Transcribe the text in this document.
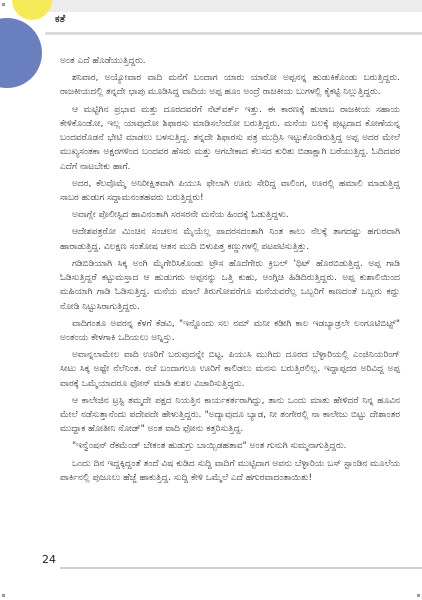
ಕತೆ

ಅಂತ ಎದೆ ಹೊಡೆಯುತ್ತಿದ್ದರು.

ಶನಿವಾರ, ಅಯ್ಯೋವಾರ ವಾದಿ ಮನೆಗೆ ಬಂದಾಗ ಯಾರು ಯಾರೋ ಅಪ್ಪನನ್ನ ಹುಡುಕಿಕೊಂಡು ಬರುತ್ತಿದ್ದರು. ರಾಜಕೀಯದಲ್ಲಿ ತನ್ನದೇ ಛಾಪು ಮೂಡಿಸಿದ್ದ ವಾದಿಯ ಅಪ್ಪ ಹೂಂ ಅಂದ್ರೆ ರಾಜಕೀಯ ಬುಗಳಲ್ಲಿ ಕೈಕಟ್ಟಿ ನಿಲ್ಲುತ್ತಿದ್ದರು.

ಆ ಮಟ್ಟಿಗಿನ ಪ್ರಭಾವ ಮತ್ತು ದೂರದವರೆಗೆ ನೆಟ್‌ವರ್ಕ್ ಇತ್ತು. ಈ ಕಾರಣಕ್ಕೆ ಹುಟಾಬ ರಾಜಕೀಯ ಸಹಾಯ ಕೇಳಿಕೊಂಡೋ, ಇಲ್ಲ ಯಾವುದೋ ಶಿಫಾರಸು ಮಾಡಿಸಲೆಂದೋ ಬರುತ್ತಿದ್ದರು. ಮನೆಯ ಬಲಕ್ಕೆ ಪುಟ್ಟದಾದ ಕೋಣೆಯನ್ನ ಬಂದವರೊಡನೆ ಭೇಟಿ ಮಾಡಲು ಬಳಸುತ್ತಿದ್ದ. ತನ್ನದೇ ಶಿಫಾರಸು ಪತ್ರ ಮುದ್ರಿಸಿ ಇಟ್ಟುಕೊಂಡಿರುತ್ತಿದ್ದ ಅಪ್ಪ ಅದರ ಮೇಲೆ ಮುಖ್ಯಸಂತಕಾ ಅಕ್ಷರಗಳಿಂದ ಬಂದವರ ಹೆಸರು ಮತ್ತು ಆಗಬೇಕಾದ ಕೆಲಸದ ಕುರಿತು ಬಿಡಾಕ್ಷಾಗಿ ಬರೆಯುತ್ತಿದ್ದ. ಓದಿದವರ ಎದೆಗೆ ನಾಟಬೇಕು ಹಾಗೆ.

ಅದರ, ಕೆಲವೊಮ್ಮೆ ಅನಿರೀಕ್ಷಿತವಾಗಿ ಪಿಯುಸಿ ಫೇಲಾಗಿ ಊರು ಸೇರಿದ್ದ ವಾಲಿಂಗ, ಊರಲ್ಲಿ ಹಮಾಲಿ ಮಾಡುತ್ತಿದ್ದ ಸಾಬರ ಹುಡುಗ ಸದ್ದಾಮನಂತಹವರು ಬರುತ್ತಿದ್ದರು!

ಅವಾಗ್ಲೇ ಪೊಲೀಸ್ಟಿದ ಹಾವಿನಂತಾಗಿ ಸರಸರನೇ ಮನೆಯ ಹಿಂದಕ್ಕೆ ಓಡುತ್ತಿದ್ದಳು.

ಆದೇಶಪತ್ರರೋ ಮಿಂಚಿನ ಸಂಚಲನ ಮೈಯೆಲ್ಲ ಪಾದರಸದಂತಾಗಿ ನಿಂತ ಕಾಲು ನೆಲಕ್ಕೆ ತಾಗದಷ್ಟು ಹಗುರವಾಗಿ ಹಾರಾಡುತ್ತಿದ್ದ. ವಿಲಕ್ಷಣ ಸಂತೋಷ ಆತನ ಮುದಿ ಬಿಳುಪಿತ್ತ ಕಣ್ಣುಗಳಲ್ಲಿ ಪಟಪಟಿಸುತ್ತಿತ್ತು.

ಗಡಿಬಿಡಿಯಾಗಿ ಸಿಕ್ಕ ಅಂಗಿ ಮೈಗೇರಿಸಿಕೊಂಡು ಟ್ರೌಸ ಹೊದೆಗೇರು ಕ್ರಿಬಲ್ 'ಥಿಟ್ ಹೊರಬಿಡುತ್ತಿದ್ದ. ಅಪ್ಪ ಗಾಡಿ ಓಡಿಸುತ್ತಿದ್ದರೆ ಕಟ್ಟುಮಸ್ತಾದ ಆ ಹುಡುಗರು ಅಪ್ಪನನ್ನು ಒತ್ತಿ ಕುಹು, ಅಂಗ್ಗಿಚಿ ಹಿಡಿದಿರುತ್ತಿದ್ದರು. ಅಪ್ಪ ಕುಶಾಲಿಯಿಂದ ಮಹಿಯಾಗಿ ಗಾಡಿ ಓಡಿಸುತ್ತಿದ್ದ. ಮನೆಯ ಮಾಲೆ ತಿರುಗೋವರೆಗೂ ಮನೆಯವರೆಲ್ಲ ಒಬ್ಬರಿಗೆ ಕಾಣದಂತೆ ಒಬ್ಬರು ಕದ್ದು ನೋಡಿ ನಿಟ್ಟುಸಿರಾಗುತ್ತಿದ್ದರು.

ವಾದಿಗಂತೂ ಅವರನ್ನ ಕೆಳಗೆ ಕೆಡವಿ, "ಇನ್ನೊಂದು ಸಲ ನಮ್ ಮನೀ ಕಡೀಗಿ ಕಾಲ ಇಡಬ್ಯಾಡ್ರಲೇ ಲಂಗೂಟಿಬಿಟ್ಟ್" ಅಂತಂಯ ಕೇಳಗಾಕಿ ಒದಿಯಲು ಅನ್ನಿಸ್ತು.

ಅವಾನ್ನಲಾಮೇಲ ವಾದಿ ಊರಿಗೆ ಬರುವುದನ್ನೇ ಬಿಟ್ಟ. ಪಿಯುಸಿ ಮುಗಿದು ದೂರದ ಬೆಳ್ಳಾರಿಯಲ್ಲಿ ಎಂಜಿನಿಯರಿಂಗ್ ಸೀಟು ಸಿಕ್ಕ ಅಷ್ಟೇ ನೆಲೆನಿಂತ. ರಜೆ ಬಂದಾಗಲೂ ಊರಿಗೆ ಕಾಲಿಡಲು ಮನಸು ಬರುತ್ತಿರಲಿಲ್ಲ. ಇದ್ದಾಪ್ಪದರ ಅರಿವಿದ್ದ ಅಪ್ಪ ವಾರಕ್ಕೆ ಒಮ್ಮೆಯಾದರೂ ಫೋನ್ ಮಾಡಿ ಕುಶಲ ವಿಚಾರಿಸುತ್ತಿದ್ದರು.

ಆ ಕಾಲೇಜಿನ ಟ್ರಸ್ಟಿ ತಮ್ಮದೇ ಪಕ್ಷದ ನಿಯತ್ತಿನ ಕಾರ್ಯಕರ್ತರಾಗಿದ್ದು, ತಾನು ಒಂದು ಮಾತು ಹೇಳಿದರೆ ನಿನ್ನ ಹೂವಿನ ಮೇಲೆ ನಡೆಸುತ್ತಾನೆಂದು ಪದೇಪದೇ ಹೇಳುತ್ತಿದ್ದರು. "ಅದ್ಯಾವುದೂ ಬ್ಯಾಡ, ನೀ ತಂಗೇರಲ್ಲಿ ನಾ ಕಾಲೇಜು ಬಿಟ್ಟು ದೇಶಾಂತರ ಮುದ್ದಾಕ ಹೋತೀನಿ ನೋಡ್" ಅಂತ ವಾದಿ ಫೋನು ಕತ್ತರಿಸುತ್ತಿದ್ದ.

"ಇನ್ವೆಂಷನ್ ರೆಕಮೆಂಡ್ ಬೇಕಂತ ಹುಡುಗ್ರು ಬಾಯ್ಬಿಡಹತಾವ" ಅಂತ ಗುನುಗಿ ಸುಮ್ಮನಾಗುತ್ತಿದ್ದರು.

ಒಂದು ದಿನ ಇದ್ದಕ್ಕಿದ್ದಂತೆ ತಂದೆ ವಿಷ ಕುಡಿದ ಸುದ್ದಿ ವಾದಿಗೆ ಮುಟ್ಟಿದಾಗ ಅವನು ಬೆಳ್ಳಾರಿಯ ಬಸ್ ಸ್ಟಾಂಡಿನ ಮೂಲೆಯ ಪಾರ್ಕಿನಲ್ಲಿ ಪುಜೂಲು ಹೆಜ್ಜೆ ಹಾಕುತ್ತಿದ್ದ. ಸುದ್ದಿ ಕೇಳಿ ಒಮ್ಮೆಲೆ ಎದೆ ಹಗುರವಾದಂತಾಯಿತು!

24
